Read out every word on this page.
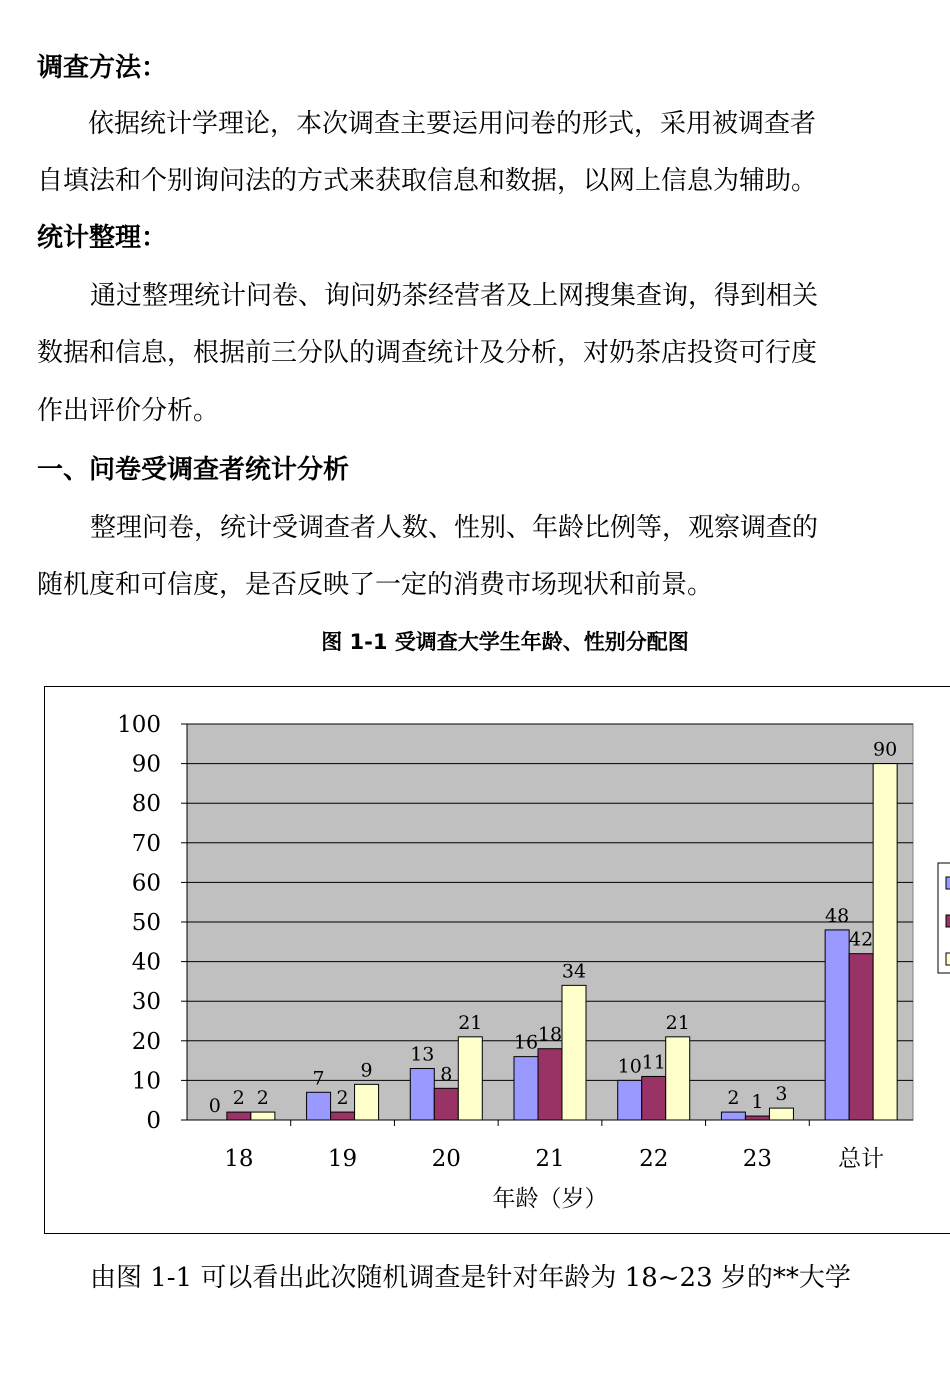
调查方法：
依据统计学理论，本次调查主要运用问卷的形式，采用被调查者
自填法和个别询问法的方式来获取信息和数据，以网上信息为辅助。
统计整理：
通过整理统计问卷、询问奶茶经营者及上网搜集查询，得到相关
数据和信息，根据前三分队的调查统计及分析，对奶茶店投资可行度
作出评价分析。
一、问卷受调查者统计分析
整理问卷，统计受调查者人数、性别、年龄比例等，观察调查的
随机度和可信度，是否反映了一定的消费市场现状和前景。
图 1-1 受调查大学生年龄、性别分配图
0
10
20
30
40
50
60
70
80
90
100
0 2 2
18
7
2
9
19
13
8
21
20
16 18
34
21
10 11
21
22
2 1 3
23
48
42
90
总计
年龄（岁）
由图 1-1 可以看出此次随机调查是针对年龄为 18~23 岁的**大学
